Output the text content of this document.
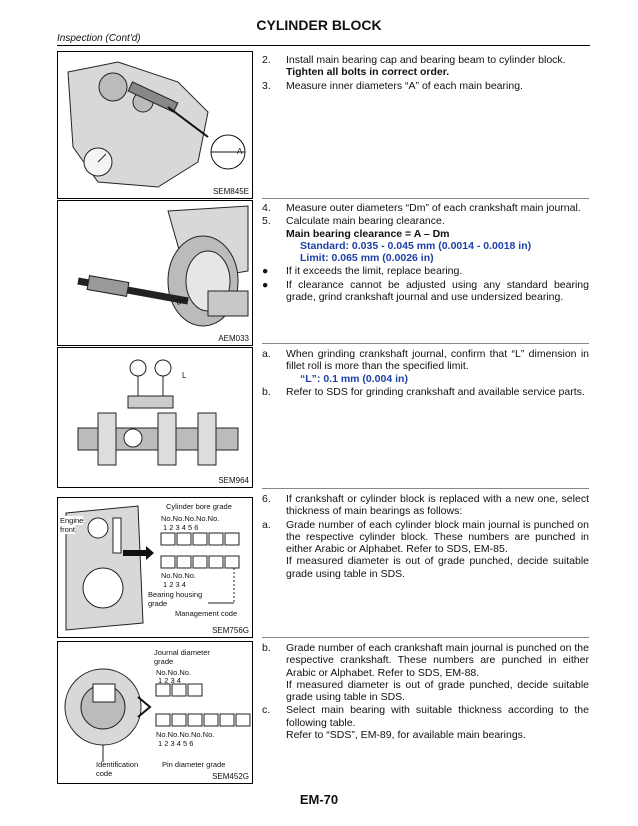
CYLINDER BLOCK
Inspection (Cont'd)
A
SEM845E
Dm
AEM033
L
SEM964
Cylinder bore grade
Engine
front
No.No.No.No.No.
1 2 3 4 5 6
No.No.No.
1 2 3 4
Bearing housing
grade
Management code
SEM756G
Journal diameter
grade
No.No.No.
1 2 3 4
No.No.No.No.No.
1 2 3 4 5 6
Identification
code
Pin diameter grade
SEM452G
2. Install main bearing cap and bearing beam to cylinder block.
Tighten all bolts in correct order.
3. Measure inner diameters “A” of each main bearing.
4. Measure outer diameters “Dm” of each crankshaft main journal.
5. Calculate main bearing clearance.
Main bearing clearance = A – Dm
Standard: 0.035 - 0.045 mm (0.0014 - 0.0018 in)
Limit: 0.065 mm (0.0026 in)
● If it exceeds the limit, replace bearing.
● If clearance cannot be adjusted using any standard bearing grade, grind crankshaft journal and use undersized bearing.
a. When grinding crankshaft journal, confirm that “L” dimension in fillet roll is more than the specified limit.
“L”: 0.1 mm (0.004 in)
b. Refer to SDS for grinding crankshaft and available service parts.
6. If crankshaft or cylinder block is replaced with a new one, select thickness of main bearings as follows:
a. Grade number of each cylinder block main journal is punched on the respective cylinder block. These numbers are punched in either Arabic or Alphabet. Refer to SDS, EM-85.
If measured diameter is out of grade punched, decide suitable grade using table in SDS.
b. Grade number of each crankshaft main journal is punched on the respective crankshaft. These numbers are punched in either Arabic or Alphabet. Refer to SDS, EM-88.
If measured diameter is out of grade punched, decide suitable grade using table in SDS.
c. Select main bearing with suitable thickness according to the following table.
Refer to “SDS”, EM-89, for available main bearings.
EM-70
